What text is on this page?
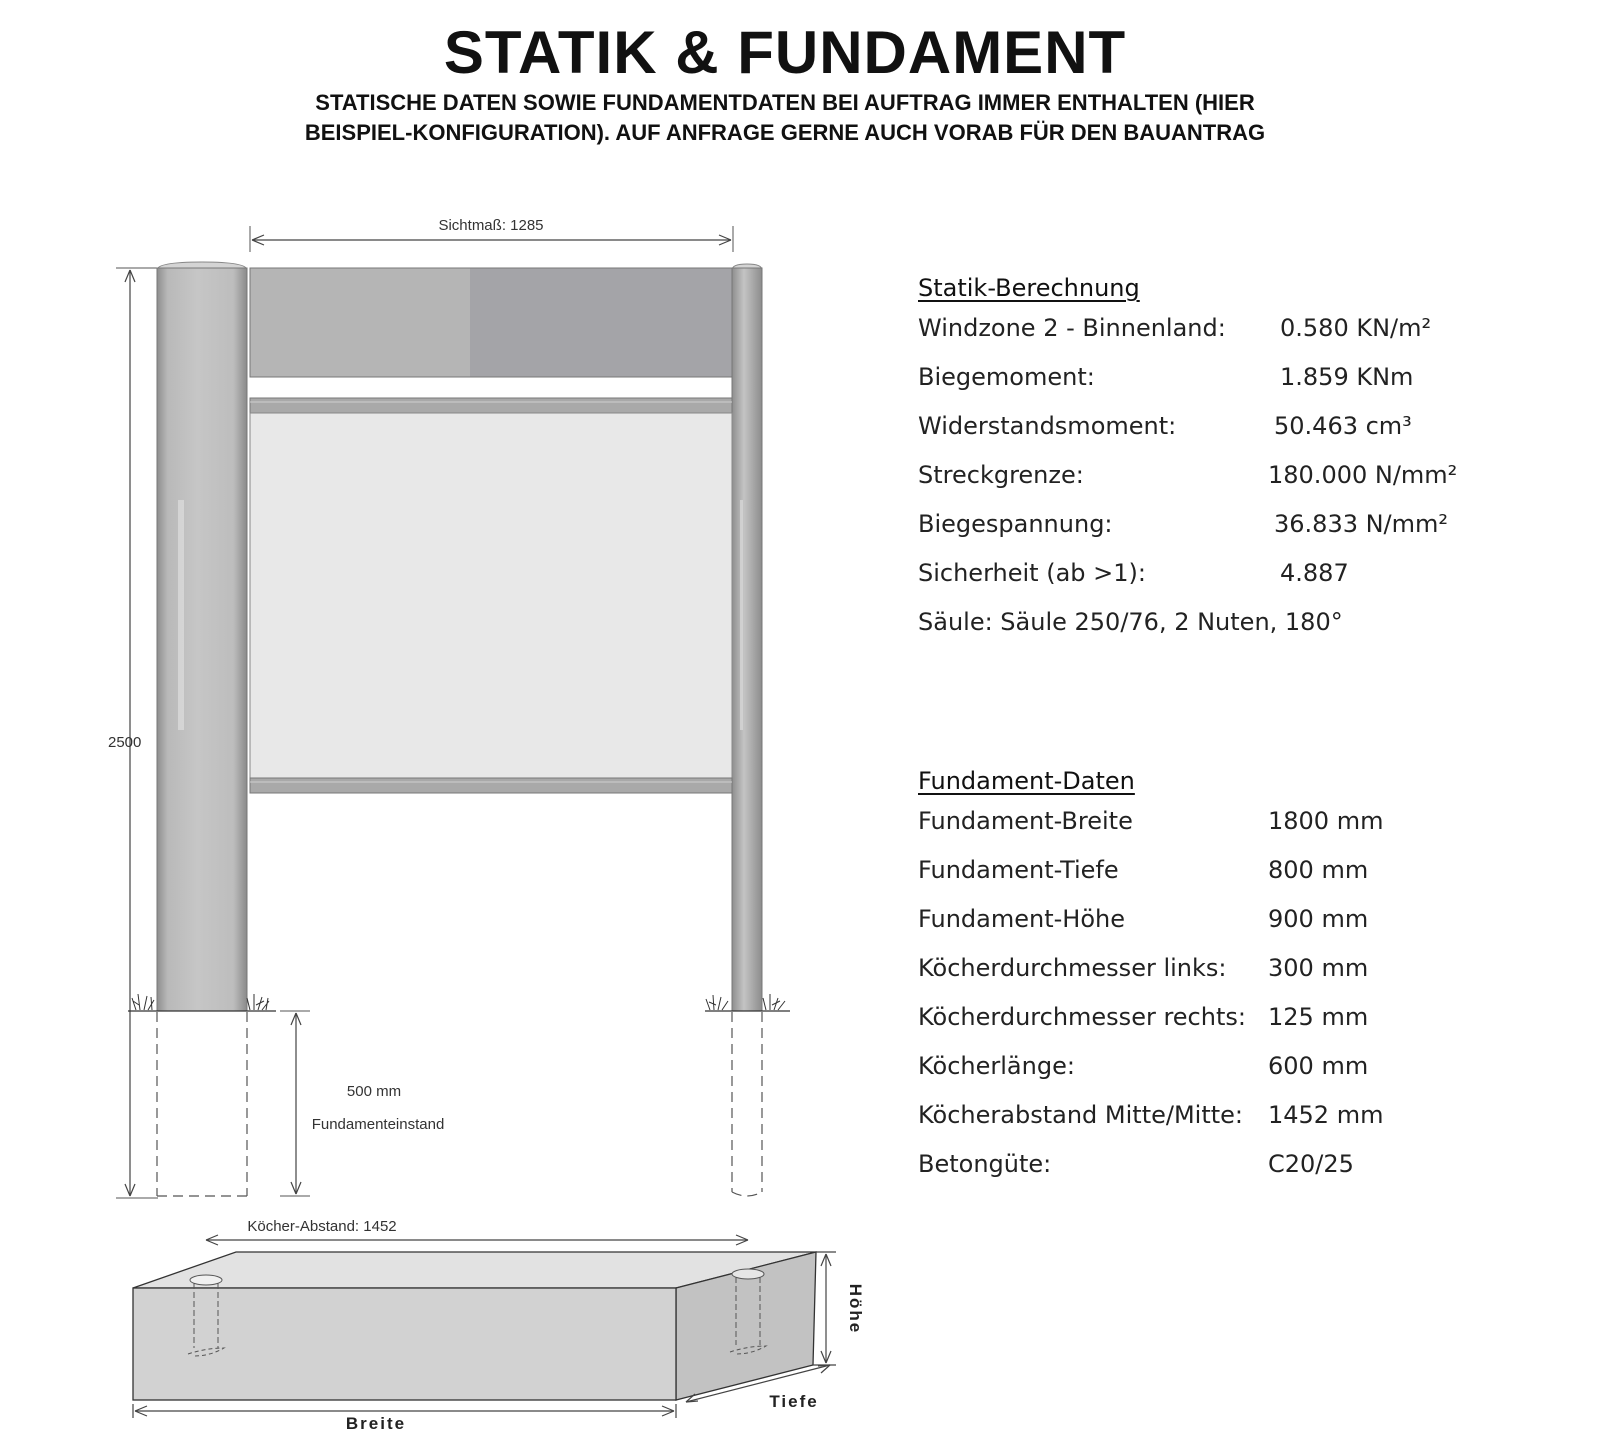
STATIK & FUNDAMENT
STATISCHE DATEN SOWIE FUNDAMENTDATEN BEI AUFTRAG IMMER ENTHALTEN (HIER
BEISPIEL-KONFIGURATION). AUF ANFRAGE GERNE AUCH VORAB FÜR DEN BAUANTRAG
Sichtmaß: 1285
2500
500 mm
Fundamenteinstand
Köcher-Abstand: 1452
Höhe
Breite
Tiefe
Statik-Berechnung
Windzone 2 - Binnenland: 0.580 KN/m²
Biegemoment:	1.859 KNm
Widerstandsmoment:	50.463 cm³
Streckgrenze:	180.000 N/mm²
Biegespannung:	36.833 N/mm²
Sicherheit (ab >1):	4.887
Säule: Säule 250/76, 2 Nuten, 180°
Fundament-Daten
Fundament-Breite	1800 mm
Fundament-Tiefe	800 mm
Fundament-Höhe	900 mm
Köcherdurchmesser links: 300 mm
Köcherdurchmesser rechts: 125 mm
Köcherlänge:	600 mm
Köcherabstand Mitte/Mitte: 1452 mm
Betongüte:	C20/25
